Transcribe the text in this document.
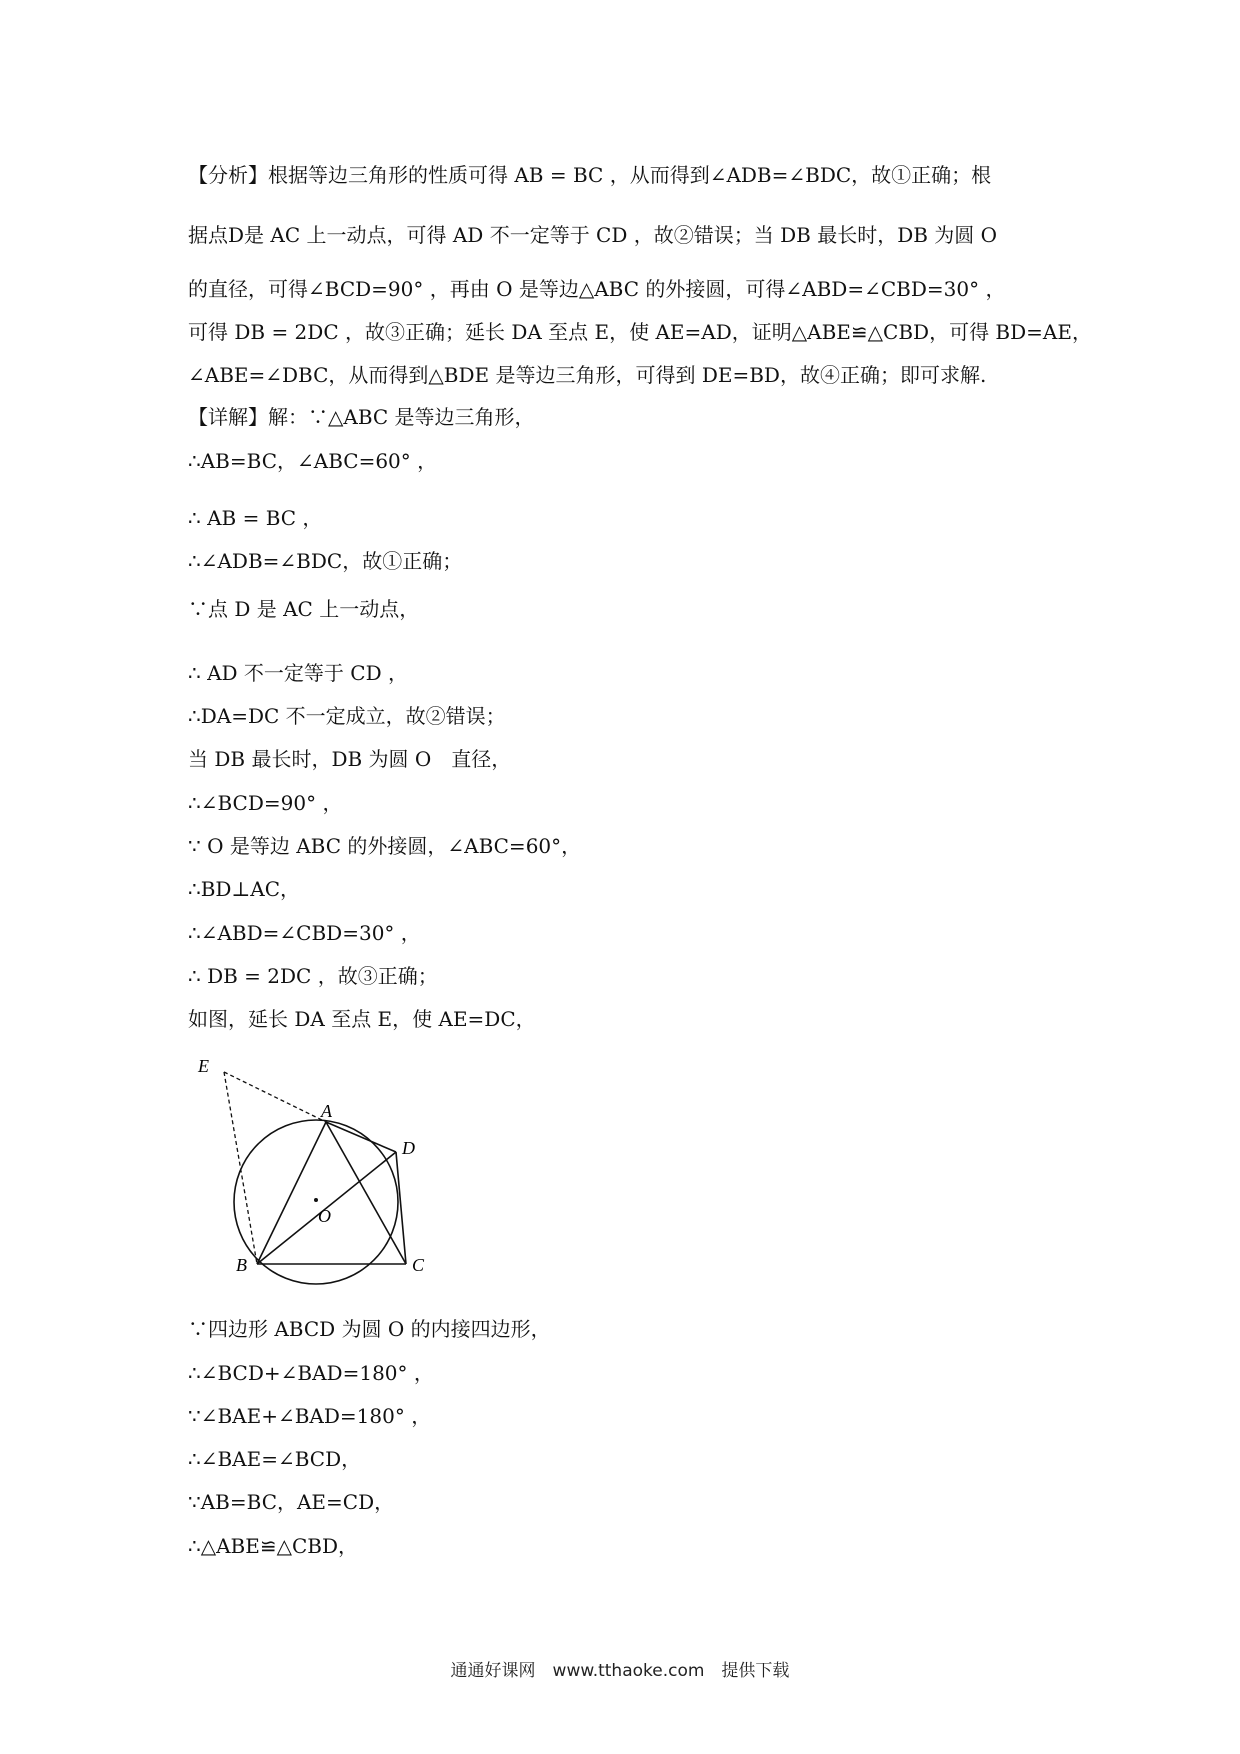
【分析】根据等边三角形的性质可得 AB = BC ，从而得到∠ADB=∠BDC，故①正确；根
据点D是 AC 上一动点，可得 AD 不一定等于 CD ，故②错误；当 DB 最长时，DB 为圆 O
的直径，可得∠BCD=90° ，再由 O 是等边△ABC 的外接圆，可得∠ABD=∠CBD=30° ，
可得 DB = 2DC ，故③正确；延长 DA 至点 E，使 AE=AD，证明△ABE≌△CBD，可得 BD=AE，
∠ABE=∠DBC，从而得到△BDE 是等边三角形，可得到 DE=BD，故④正确；即可求解.
【详解】解：∵△ABC 是等边三角形，
∴AB=BC，∠ABC=60° ，
∴ AB = BC ，
∴∠ADB=∠BDC，故①正确；
∵点 D 是 AC 上一动点，
∴ AD 不一定等于 CD ，
∴DA=DC 不一定成立，故②错误；
当 DB 最长时，DB 为圆 O　直径，
∴∠BCD=90° ，
∵ O 是等边 ABC 的外接圆，∠ABC=60°，
∴BD⊥AC，
∴∠ABD=∠CBD=30° ，
∴ DB = 2DC ，故③正确；
如图，延长 DA 至点 E，使 AE=DC，
∵四边形 ABCD 为圆 O 的内接四边形，
∴∠BCD+∠BAD=180° ，
∵∠BAE+∠BAD=180° ，
∴∠BAE=∠BCD，
∵AB=BC，AE=CD，
∴△ABE≌△CBD，
E
A
D
O
B	C
通通好课网　www.tthaoke.com　提供下载
